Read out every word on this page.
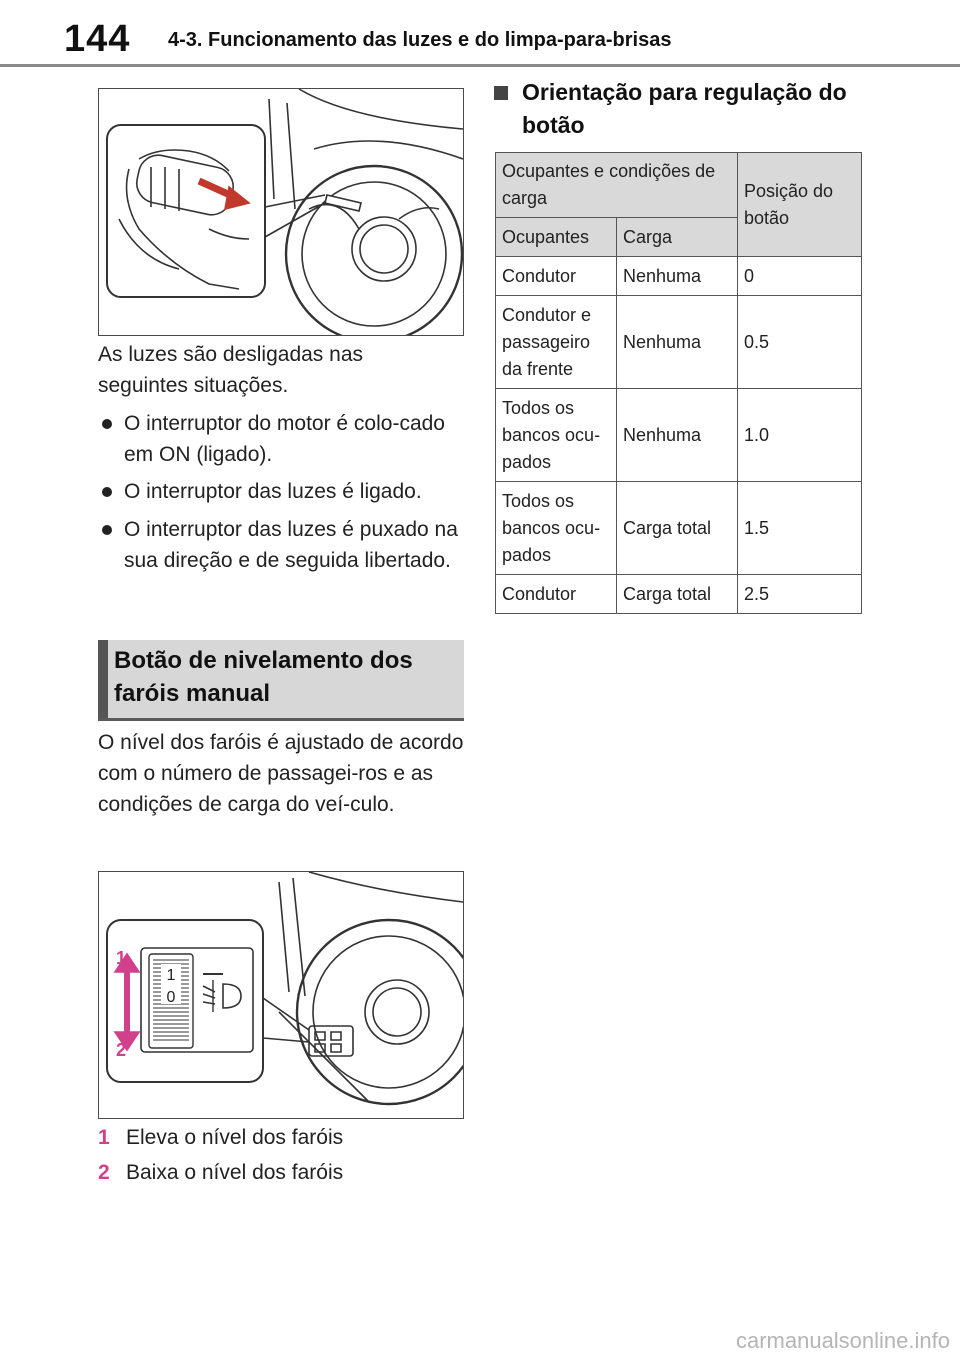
144 4-3. Funcionamento das luzes e do limpa-para-brisas

As luzes são desligadas nas seguintes situações.

O interruptor do motor é colo-cado em ON (ligado).
O interruptor das luzes é ligado.
O interruptor das luzes é puxado na sua direção e de seguida libertado.
Botão de nivelamento dos faróis manual

O nível dos faróis é ajustado de acordo com o número de passagei-ros e as condições de carga do veí-culo.

1
0
1
2
1 Eleva o nível dos faróis
2 Baixa o nível dos faróis
Orientação para regulação do botão
Ocupantes e condições de carga		Posição do botão
Ocupantes	Carga	
Condutor	Nenhuma	0
Condutor e passageiro da frente	Nenhuma	0.5
Todos os bancos ocu-pados	Nenhuma	1.0
Todos os bancos ocu-pados	Carga total	1.5
Condutor	Carga total	2.5
carmanualsonline.info
